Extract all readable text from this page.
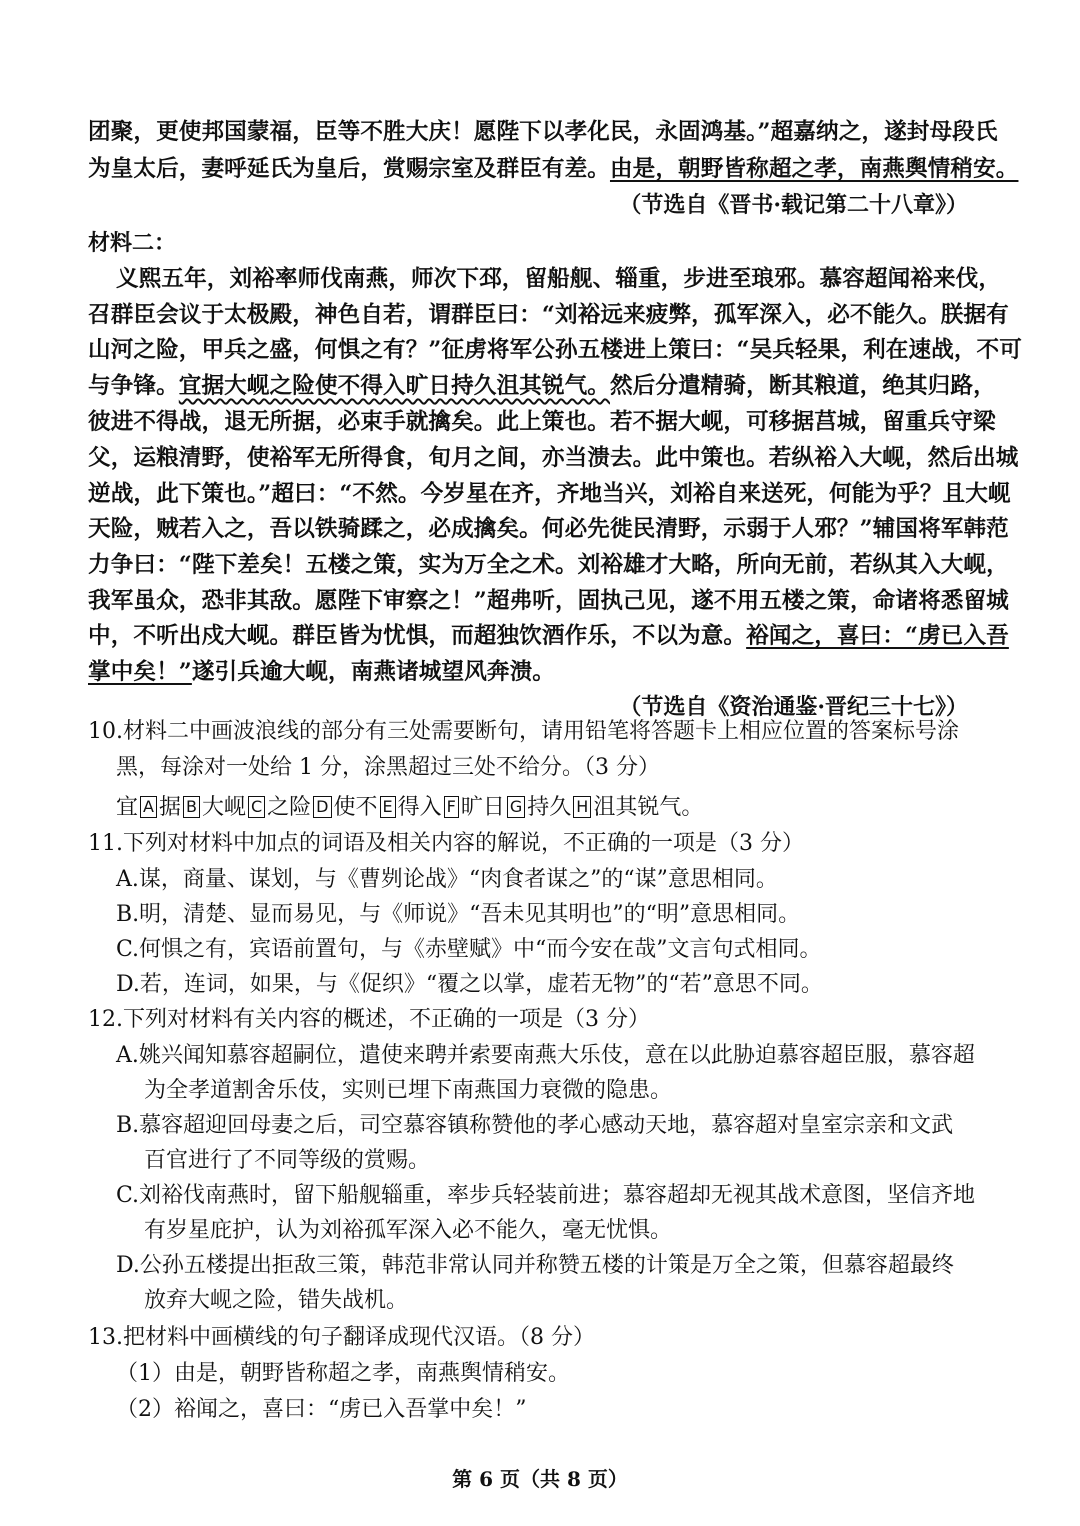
团聚，更使邦国蒙福，臣等不胜大庆！愿陛下以孝化民，永固鸿基。”超嘉纳之，遂封母段氏
为皇太后，妻呼延氏为皇后，赏赐宗室及群臣有差。由是，朝野皆称超之孝，南燕舆情稍安。
（节选自《晋书·载记第二十八章》）
材料二：
义熙五年，刘裕率师伐南燕，师次下邳，留船舰、辎重，步进至琅邪。慕容超闻裕来伐，
召群臣会议于太极殿，神色自若，谓群臣曰：“刘裕远来疲弊，孤军深入，必不能久。朕据有
山河之险，甲兵之盛，何惧之有？”征虏将军公孙五楼进上策曰：“吴兵轻果，利在速战，不可
与争锋。宜据大岘之险使不得入旷日持久沮其锐气。然后分遣精骑，断其粮道，绝其归路，
彼进不得战，退无所据，必束手就擒矣。此上策也。若不据大岘，可移据莒城，留重兵守梁
父，运粮清野，使裕军无所得食，旬月之间，亦当溃去。此中策也。若纵裕入大岘，然后出城
逆战，此下策也。”超曰：“不然。今岁星在齐，齐地当兴，刘裕自来送死，何能为乎？且大岘
天险，贼若入之，吾以铁骑蹂之，必成擒矣。何必先徙民清野，示弱于人邪？”辅国将军韩范
力争曰：“陛下差矣！五楼之策，实为万全之术。刘裕雄才大略，所向无前，若纵其入大岘，
我军虽众，恐非其敌。愿陛下审察之！”超弗听，固执己见，遂不用五楼之策，命诸将悉留城
中，不听出戍大岘。群臣皆为忧惧，而超独饮酒作乐，不以为意。裕闻之，喜曰：“虏已入吾
掌中矣！”遂引兵逾大岘，南燕诸城望风奔溃。
（节选自《资治通鉴·晋纪三十七》）
10.材料二中画波浪线的部分有三处需要断句，请用铅笔将答题卡上相应位置的答案标号涂
黑，每涂对一处给 1 分，涂黑超过三处不给分。（3 分）
宜 A 据 B 大岘 C 之险 D 使不 E 得入 F 旷日 G 持久 H 沮其锐气。
11.下列对材料中加点的词语及相关内容的解说，不正确的一项是（3 分）
A.谋，商量、谋划，与《曹刿论战》“肉食者谋之”的“谋”意思相同。
B.明，清楚、显而易见，与《师说》“吾未见其明也”的“明”意思相同。
C.何惧之有，宾语前置句，与《赤壁赋》中“而今安在哉”文言句式相同。
D.若，连词，如果，与《促织》“覆之以掌，虚若无物”的“若”意思不同。
12.下列对材料有关内容的概述，不正确的一项是（3 分）
A.姚兴闻知慕容超嗣位，遣使来聘并索要南燕大乐伎，意在以此胁迫慕容超臣服，慕容超
为全孝道割舍乐伎，实则已埋下南燕国力衰微的隐患。
B.慕容超迎回母妻之后，司空慕容镇称赞他的孝心感动天地，慕容超对皇室宗亲和文武
百官进行了不同等级的赏赐。
C.刘裕伐南燕时，留下船舰辎重，率步兵轻装前进；慕容超却无视其战术意图，坚信齐地
有岁星庇护，认为刘裕孤军深入必不能久，毫无忧惧。
D.公孙五楼提出拒敌三策，韩范非常认同并称赞五楼的计策是万全之策，但慕容超最终
放弃大岘之险，错失战机。
13.把材料中画横线的句子翻译成现代汉语。（8 分）
（1）由是，朝野皆称超之孝，南燕舆情稍安。
（2）裕闻之，喜曰：“虏已入吾掌中矣！”
第 6 页（共 8 页）
